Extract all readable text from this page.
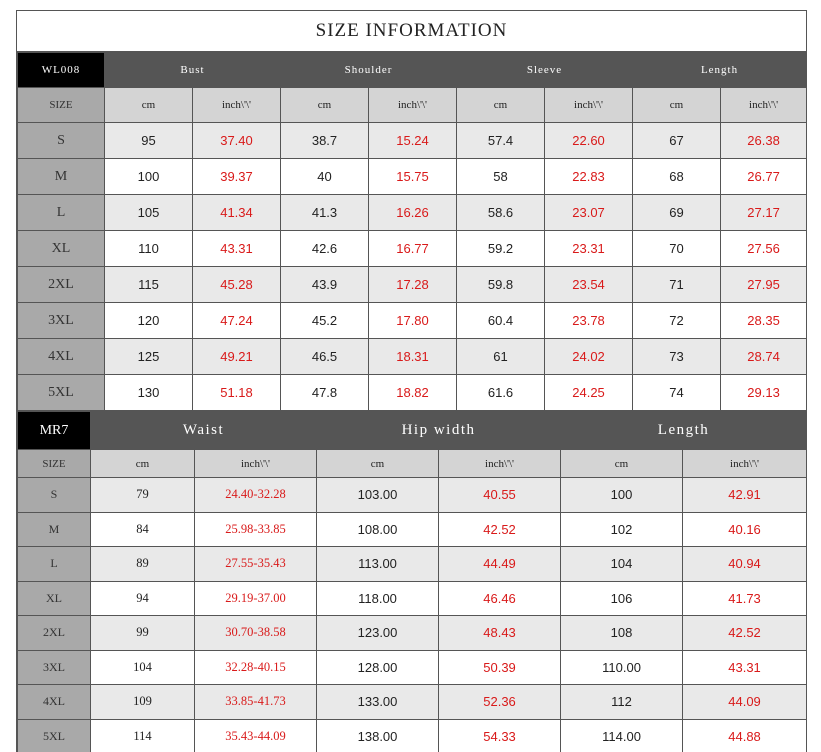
SIZE INFORMATION
WL008	Bust		Shoulder		Sleeve		Length	
SIZE	cm	inch\'\'	cm	inch\'\'	cm	inch\'\'	cm	inch\'\'
S	95	37.40	38.7	15.24	57.4	22.60	67	26.38
M	100	39.37	40	15.75	58	22.83	68	26.77
L	105	41.34	41.3	16.26	58.6	23.07	69	27.17
XL	110	43.31	42.6	16.77	59.2	23.31	70	27.56
2XL	115	45.28	43.9	17.28	59.8	23.54	71	27.95
3XL	120	47.24	45.2	17.80	60.4	23.78	72	28.35
4XL	125	49.21	46.5	18.31	61	24.02	73	28.74
5XL	130	51.18	47.8	18.82	61.6	24.25	74	29.13
MR7	Waist		Hip width		Length	
SIZE	cm	inch\'\'	cm	inch\'\'	cm	inch\'\'
S	79	24.40-32.28	103.00	40.55	100	42.91
M	84	25.98-33.85	108.00	42.52	102	40.16
L	89	27.55-35.43	113.00	44.49	104	40.94
XL	94	29.19-37.00	118.00	46.46	106	41.73
2XL	99	30.70-38.58	123.00	48.43	108	42.52
3XL	104	32.28-40.15	128.00	50.39	110.00	43.31
4XL	109	33.85-41.73	133.00	52.36	112	44.09
5XL	114	35.43-44.09	138.00	54.33	114.00	44.88
